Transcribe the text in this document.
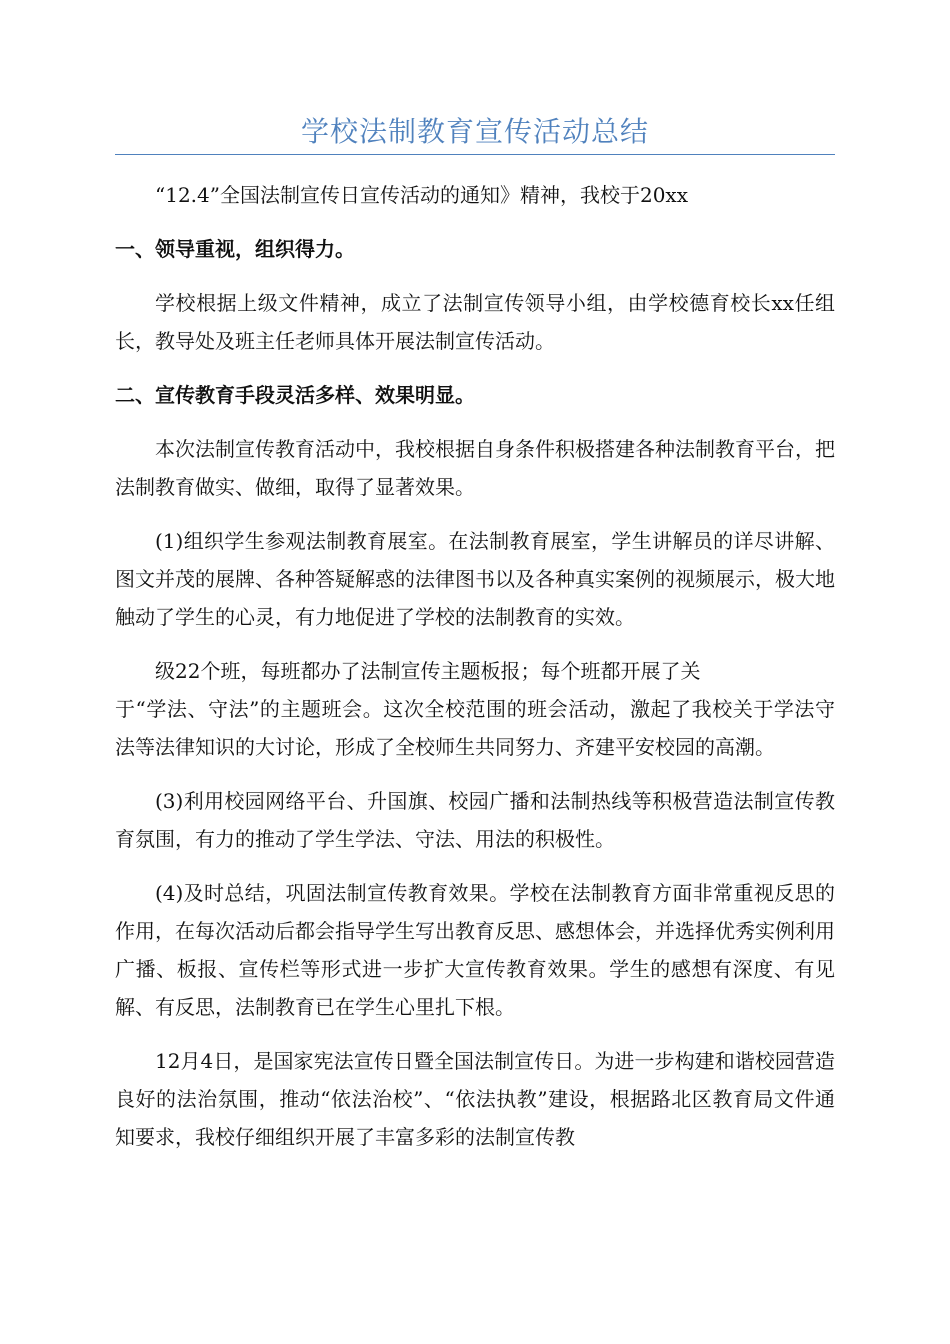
学校法制教育宣传活动总结

“12.4”全国法制宣传日宣传活动的通知》精神，我校于20xx

一、领导重视，组织得力。

学校根据上级文件精神，成立了法制宣传领导小组，由学校德育校长xx任组长，教导处及班主任老师具体开展法制宣传活动。

二、宣传教育手段灵活多样、效果明显。

本次法制宣传教育活动中，我校根据自身条件积极搭建各种法制教育平台，把法制教育做实、做细，取得了显著效果。

(1)组织学生参观法制教育展室。在法制教育展室，学生讲解员的详尽讲解、图文并茂的展牌、各种答疑解惑的法律图书以及各种真实案例的视频展示，极大地触动了学生的心灵，有力地促进了学校的法制教育的实效。

级22个班，每班都办了法制宣传主题板报；每个班都开展了关
于“学法、守法”的主题班会。这次全校范围的班会活动，激起了我校关于学法守法等法律知识的大讨论，形成了全校师生共同努力、齐建平安校园的高潮。

(3)利用校园网络平台、升国旗、校园广播和法制热线等积极营造法制宣传教育氛围，有力的推动了学生学法、守法、用法的积极性。

(4)及时总结，巩固法制宣传教育效果。学校在法制教育方面非常重视反思的作用，在每次活动后都会指导学生写出教育反思、感想体会，并选择优秀实例利用广播、板报、宣传栏等形式进一步扩大宣传教育效果。学生的感想有深度、有见解、有反思，法制教育已在学生心里扎下根。

12月4日，是国家宪法宣传日暨全国法制宣传日。为进一步构建和谐校园营造良好的法治氛围，推动“依法治校”、“依法执教”建设，根据路北区教育局文件通知要求，我校仔细组织开展了丰富多彩的法制宣传教
